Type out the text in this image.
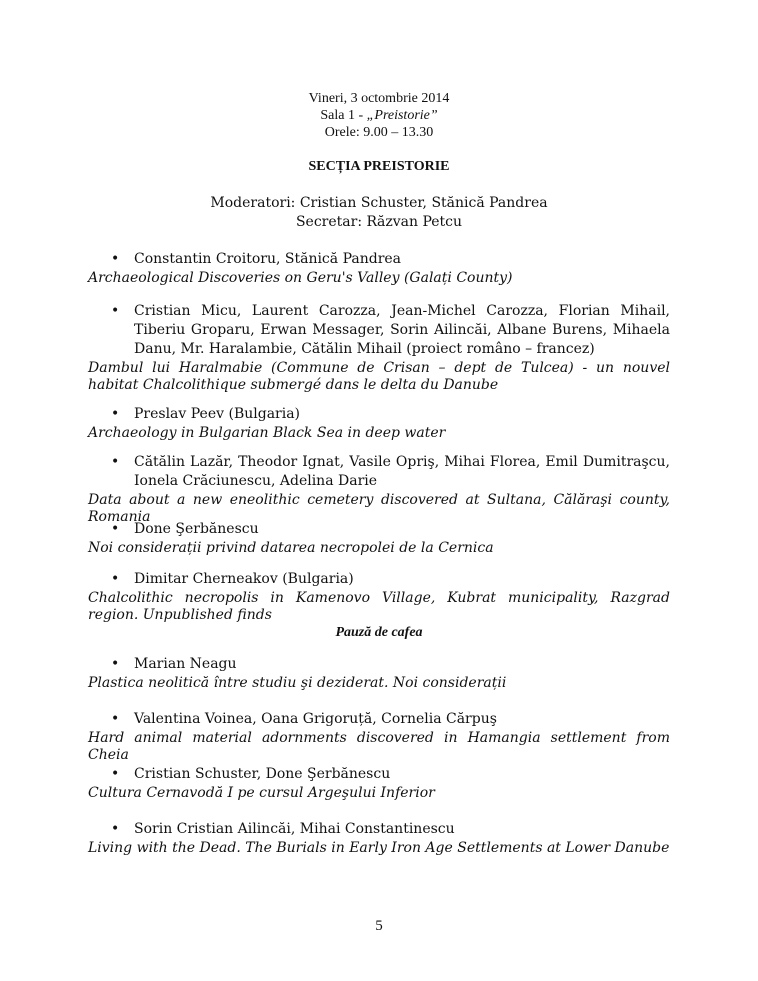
Vineri, 3 octombrie 2014
Sala 1 - „Preistorie”
Orele: 9.00 – 13.30
SECȚIA PREISTORIE
Moderatori: Cristian Schuster, Stănică Pandrea
Secretar: Răzvan Petcu
• Constantin Croitoru, Stănică Pandrea
Archaeological Discoveries on Geru's Valley (Galați County)
• Cristian Micu, Laurent Carozza, Jean-Michel Carozza, Florian Mihail, Tiberiu Groparu, Erwan Messager, Sorin Ailincăi, Albane Burens, Mihaela Danu, Mr. Haralambie, Cătălin Mihail (proiect româno – francez)
Dambul lui Haralmabie (Commune de Crisan – dept de Tulcea) - un nouvel habitat Chalcolithique submergé dans le delta du Danube
• Preslav Peev (Bulgaria)
Archaeology in Bulgarian Black Sea in deep water
• Cătălin Lazăr, Theodor Ignat, Vasile Opriş, Mihai Florea, Emil Dumitraşcu, Ionela Crăciunescu, Adelina Darie
Data about a new eneolithic cemetery discovered at Sultana, Călăraşi county, Romania
• Done Şerbănescu
Noi considerații privind datarea necropolei de la Cernica
• Dimitar Cherneakov (Bulgaria)
Chalcolithic necropolis in Kamenovo Village, Kubrat municipality, Razgrad region. Unpublished finds
Pauză de cafea
• Marian Neagu
Plastica neolitică între studiu şi deziderat. Noi considerații
• Valentina Voinea, Oana Grigoruță, Cornelia Cărpuş
Hard animal material adornments discovered in Hamangia settlement from Cheia
• Cristian Schuster, Done Şerbănescu
Cultura Cernavodă I pe cursul Argeşului Inferior
• Sorin Cristian Ailincăi, Mihai Constantinescu
Living with the Dead. The Burials in Early Iron Age Settlements at Lower Danube
5
